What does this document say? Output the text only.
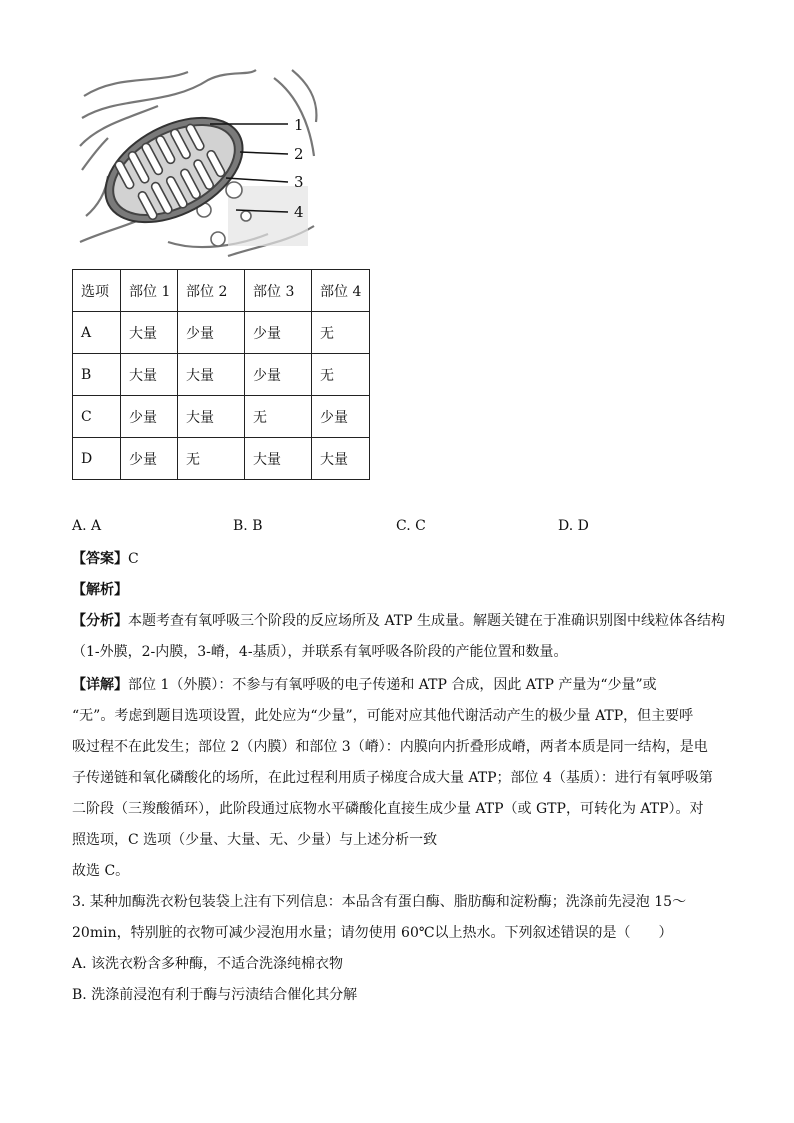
1
2
3
4
选项	部位 1	部位 2	部位 3	部位 4
A	大量	少量	少量	无
B	大量	大量	少量	无
C	少量	大量	无	少量
D	少量	无	大量	大量
A. A	B. B	C. C	D. D
【答案】C
【解析】
【分析】本题考查有氧呼吸三个阶段的反应场所及 ATP 生成量。解题关键在于准确识别图中线粒体各结构
（1-外膜，2-内膜，3-嵴，4-基质），并联系有氧呼吸各阶段的产能位置和数量。
【详解】部位 1（外膜）：不参与有氧呼吸的电子传递和 ATP 合成，因此 ATP 产量为“少量”或
“无”。考虑到题目选项设置，此处应为“少量”，可能对应其他代谢活动产生的极少量 ATP，但主要呼
吸过程不在此发生；部位 2（内膜）和部位 3（嵴）：内膜向内折叠形成嵴，两者本质是同一结构，是电
子传递链和氧化磷酸化的场所，在此过程利用质子梯度合成大量 ATP；部位 4（基质）：进行有氧呼吸第
二阶段（三羧酸循环），此阶段通过底物水平磷酸化直接生成少量 ATP（或 GTP，可转化为 ATP）。对
照选项，C 选项（少量、大量、无、少量）与上述分析一致
故选 C。
3. 某种加酶洗衣粉包装袋上注有下列信息：本品含有蛋白酶、脂肪酶和淀粉酶；洗涤前先浸泡 15～
20min，特别脏的衣物可减少浸泡用水量；请勿使用 60℃以上热水。下列叙述错误的是（　　）
A. 该洗衣粉含多种酶，不适合洗涤纯棉衣物
B. 洗涤前浸泡有利于酶与污渍结合催化其分解
